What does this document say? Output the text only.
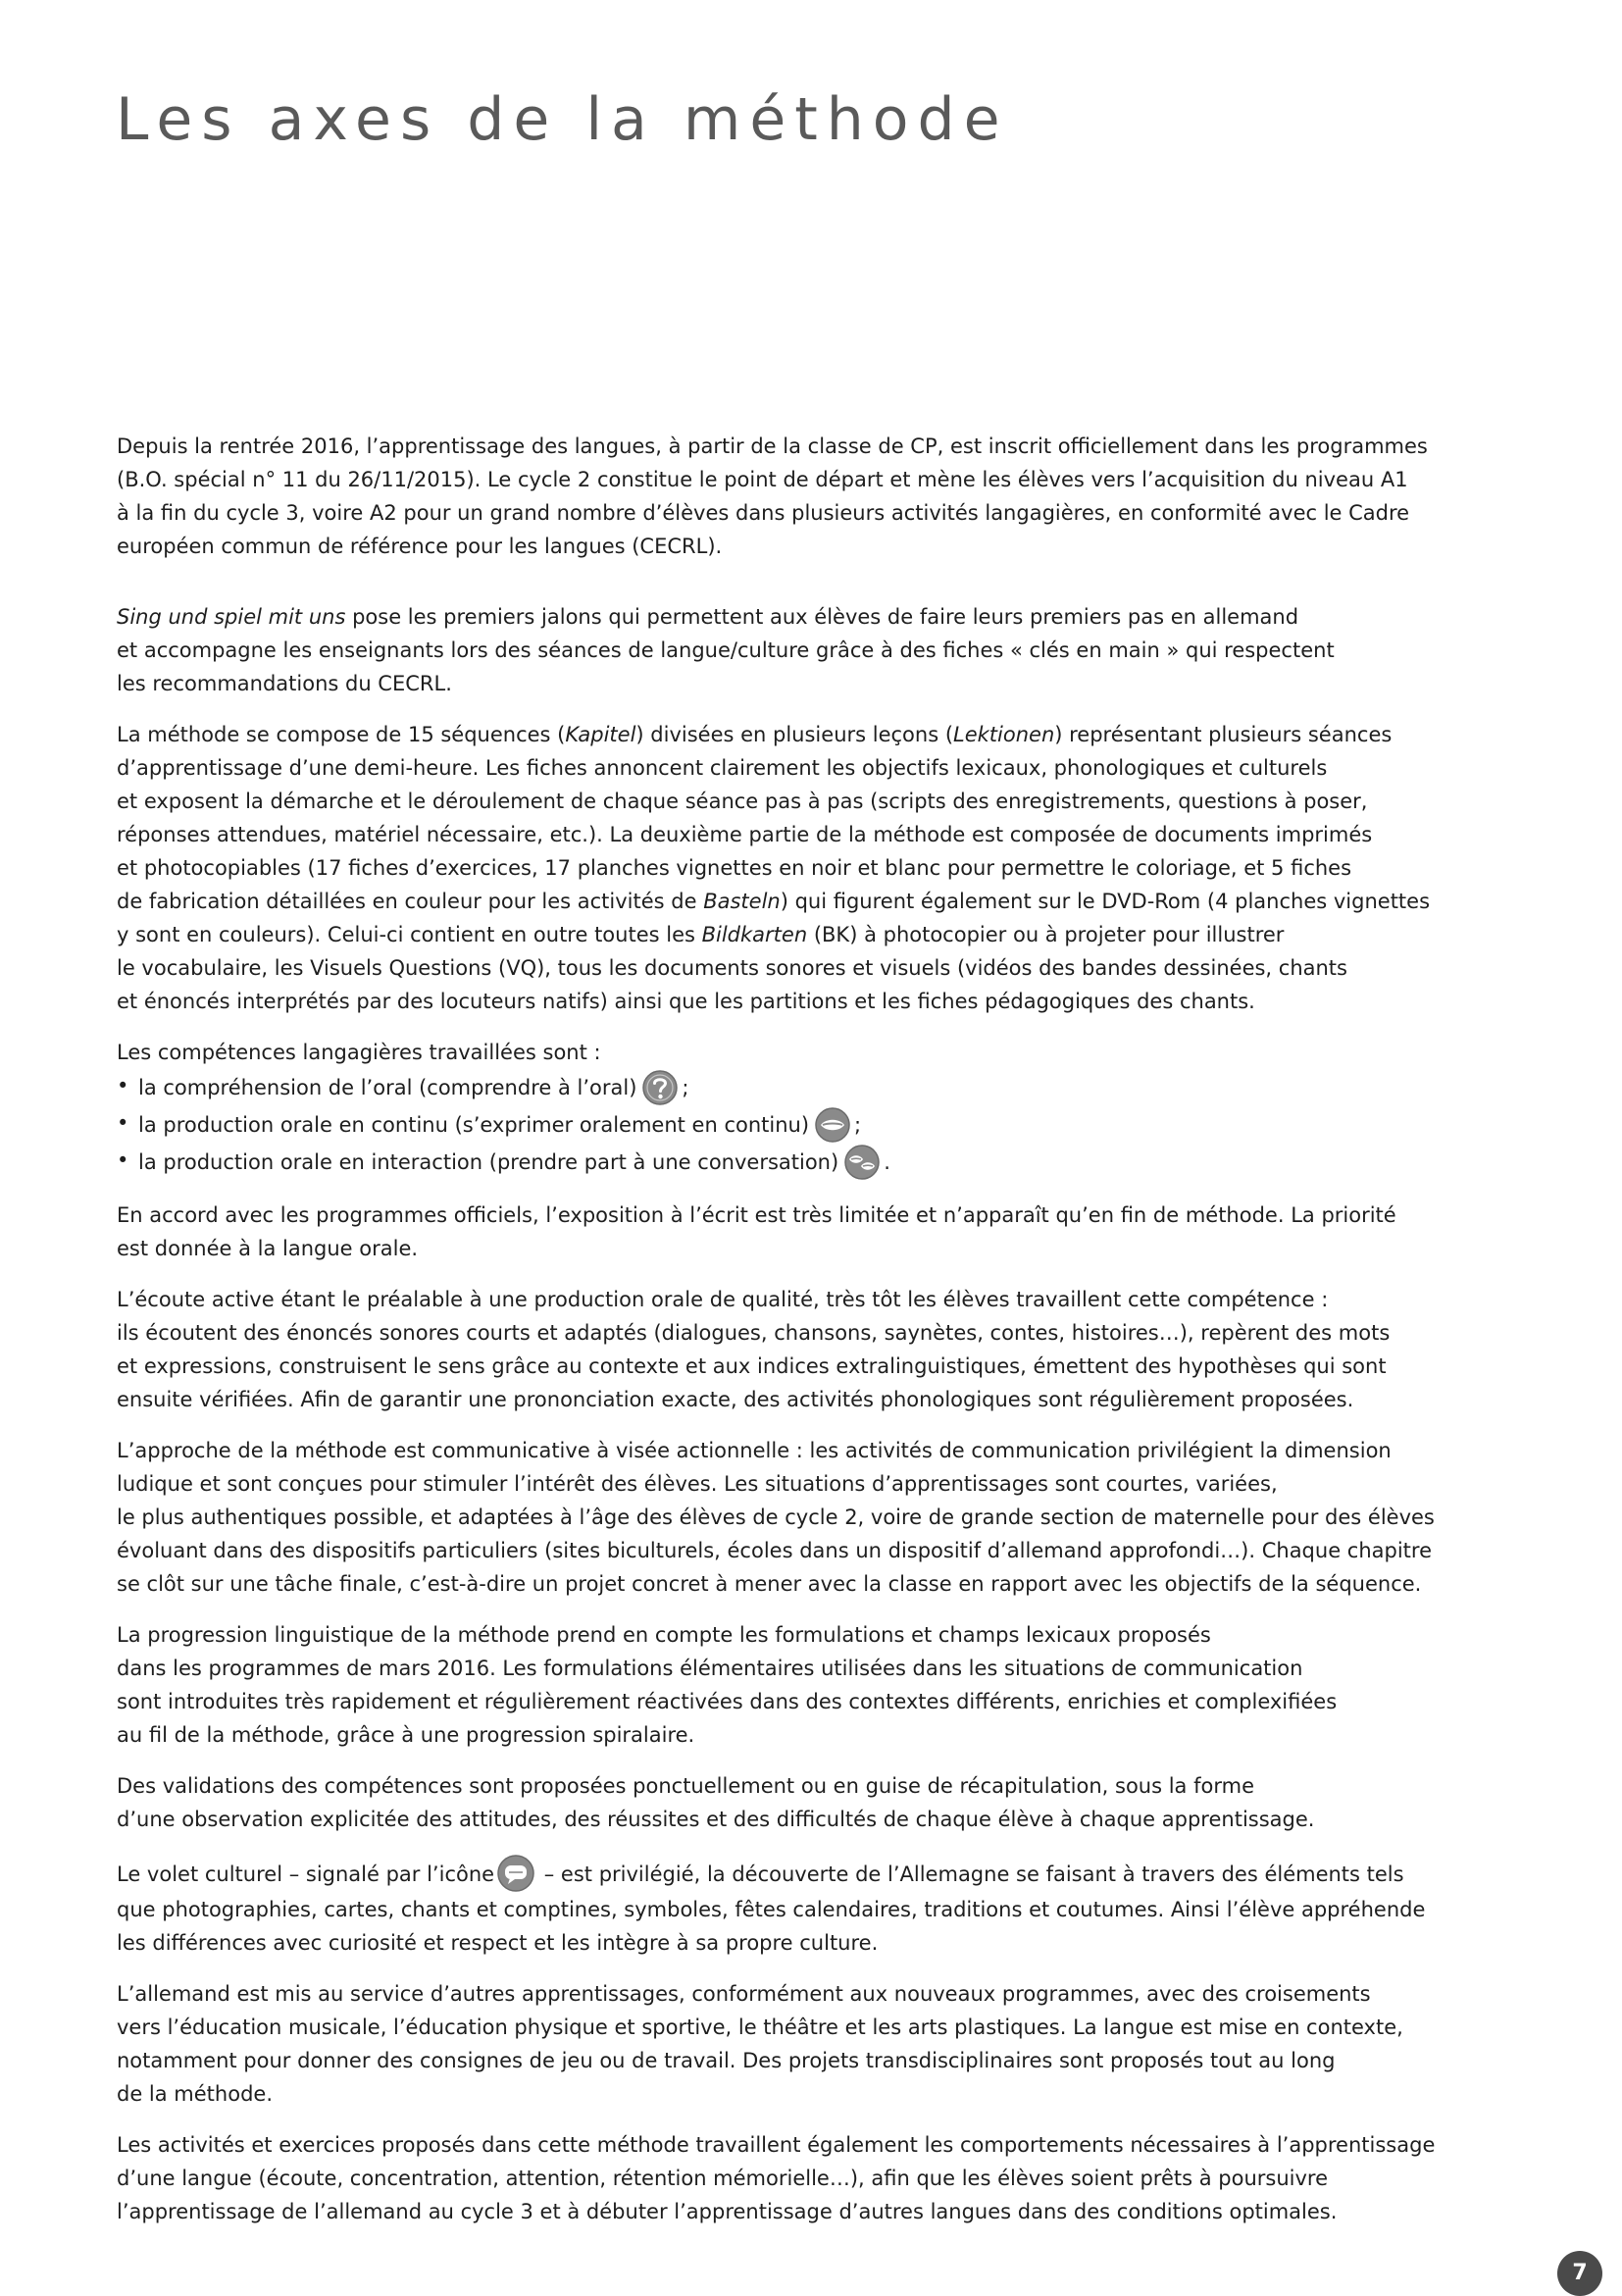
Les axes de la méthode

Depuis la rentrée 2016, l’apprentissage des langues, à partir de la classe de CP, est inscrit officiellement dans les programmes
(B.O. spécial n° 11 du 26/11/2015). Le cycle 2 constitue le point de départ et mène les élèves vers l’acquisition du niveau A1
à la fin du cycle 3, voire A2 pour un grand nombre d’élèves dans plusieurs activités langagières, en conformité avec le Cadre
européen commun de référence pour les langues (CECRL).

Sing und spiel mit uns pose les premiers jalons qui permettent aux élèves de faire leurs premiers pas en allemand
et accompagne les enseignants lors des séances de langue/culture grâce à des fiches « clés en main » qui respectent
les recommandations du CECRL.

La méthode se compose de 15 séquences (Kapitel) divisées en plusieurs leçons (Lektionen) représentant plusieurs séances
d’apprentissage d’une demi-heure. Les fiches annoncent clairement les objectifs lexicaux, phonologiques et culturels
et exposent la démarche et le déroulement de chaque séance pas à pas (scripts des enregistrements, questions à poser,
réponses attendues, matériel nécessaire, etc.). La deuxième partie de la méthode est composée de documents imprimés
et photocopiables (17 fiches d’exercices, 17 planches vignettes en noir et blanc pour permettre le coloriage, et 5 fiches
de fabrication détaillées en couleur pour les activités de Basteln) qui figurent également sur le DVD-Rom (4 planches vignettes
y sont en couleurs). Celui-ci contient en outre toutes les Bildkarten (BK) à photocopier ou à projeter pour illustrer
le vocabulaire, les Visuels Questions (VQ), tous les documents sonores et visuels (vidéos des bandes dessinées, chants
et énoncés interprétés par des locuteurs natifs) ainsi que les partitions et les fiches pédagogiques des chants.

Les compétences langagières travaillées sont :
• la compréhension de l’oral (comprendre à l’oral) ;
• la production orale en continu (s’exprimer oralement en continu) ;
• la production orale en interaction (prendre part à une conversation) .

En accord avec les programmes officiels, l’exposition à l’écrit est très limitée et n’apparaît qu’en fin de méthode. La priorité
est donnée à la langue orale.

L’écoute active étant le préalable à une production orale de qualité, très tôt les élèves travaillent cette compétence :
ils écoutent des énoncés sonores courts et adaptés (dialogues, chansons, saynètes, contes, histoires…), repèrent des mots
et expressions, construisent le sens grâce au contexte et aux indices extralinguistiques, émettent des hypothèses qui sont
ensuite vérifiées. Afin de garantir une prononciation exacte, des activités phonologiques sont régulièrement proposées.

L’approche de la méthode est communicative à visée actionnelle : les activités de communication privilégient la dimension
ludique et sont conçues pour stimuler l’intérêt des élèves. Les situations d’apprentissages sont courtes, variées,
le plus authentiques possible, et adaptées à l’âge des élèves de cycle 2, voire de grande section de maternelle pour des élèves
évoluant dans des dispositifs particuliers (sites biculturels, écoles dans un dispositif d’allemand approfondi…). Chaque chapitre
se clôt sur une tâche finale, c’est-à-dire un projet concret à mener avec la classe en rapport avec les objectifs de la séquence.

La progression linguistique de la méthode prend en compte les formulations et champs lexicaux proposés
dans les programmes de mars 2016. Les formulations élémentaires utilisées dans les situations de communication
sont introduites très rapidement et régulièrement réactivées dans des contextes différents, enrichies et complexifiées
au fil de la méthode, grâce à une progression spiralaire.

Des validations des compétences sont proposées ponctuellement ou en guise de récapitulation, sous la forme
d’une observation explicitée des attitudes, des réussites et des difficultés de chaque élève à chaque apprentissage.

Le volet culturel – signalé par l’icône – est privilégié, la découverte de l’Allemagne se faisant à travers des éléments tels
que photographies, cartes, chants et comptines, symboles, fêtes calendaires, traditions et coutumes. Ainsi l’élève appréhende
les différences avec curiosité et respect et les intègre à sa propre culture.

L’allemand est mis au service d’autres apprentissages, conformément aux nouveaux programmes, avec des croisements
vers l’éducation musicale, l’éducation physique et sportive, le théâtre et les arts plastiques. La langue est mise en contexte,
notamment pour donner des consignes de jeu ou de travail. Des projets transdisciplinaires sont proposés tout au long
de la méthode.

Les activités et exercices proposés dans cette méthode travaillent également les comportements nécessaires à l’apprentissage
d’une langue (écoute, concentration, attention, rétention mémorielle…), afin que les élèves soient prêts à poursuivre
l’apprentissage de l’allemand au cycle 3 et à débuter l’apprentissage d’autres langues dans des conditions optimales.

7
